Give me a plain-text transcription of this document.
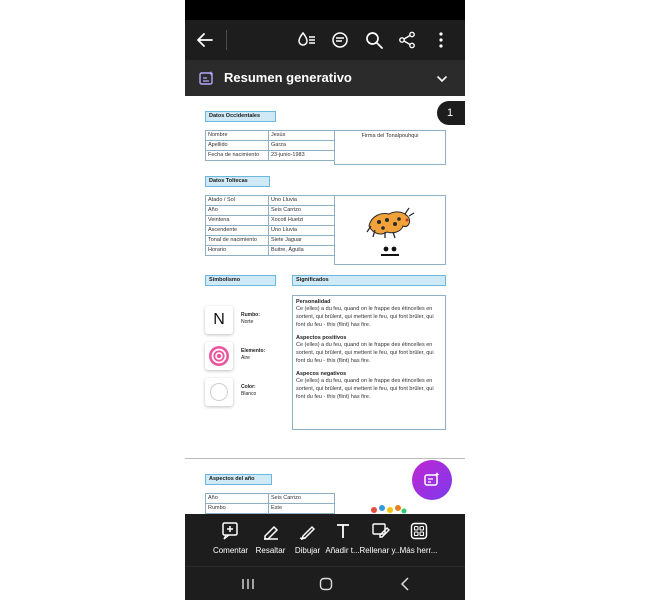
Resumen generativo
Datos Occidentales
Nombre	Jesús
Apellido	Garza
Fecha de nacimiento	23-junio-1983
Firma del Tonalpouhqui
Datos Toltecas
Atado / Sol	Uno Lluvia
Año	Seis Carrizo
Veintena	Xocotl Huetzi
Ascendente	Uno Lluvia
Tonal de nacimiento	Siete Jaguar
Horario	Buitre, Águila
Simbolismo
N	Rumbo:
Norte
Elemento:
Aire
Color:
Blanco
Significados

Personalidad

Ce (elles) a du feu, quand on le frappe des étincelles en sortent, qui brûlent, qui mettent le feu, qui font brûler, qui font du feu - this (flint) has fire.

Aspectos positivos

Ce (elles) a du feu, quand on le frappe des étincelles en sortent, qui brûlent, qui mettent le feu, qui font brûler, qui font du feu - this (flint) has fire.

Aspecos negativos

Ce (elles) a du feu, quand on le frappe des étincelles en sortent, qui brûlent, qui mettent le feu, qui font brûler, qui font du feu - this (flint) has fire.

Aspectos del año
Año	Seis Carrizo
Rumbo	Este
1
Comentar Resaltar	Dibujar Añadir t... Rellenar y...
Más herr...
